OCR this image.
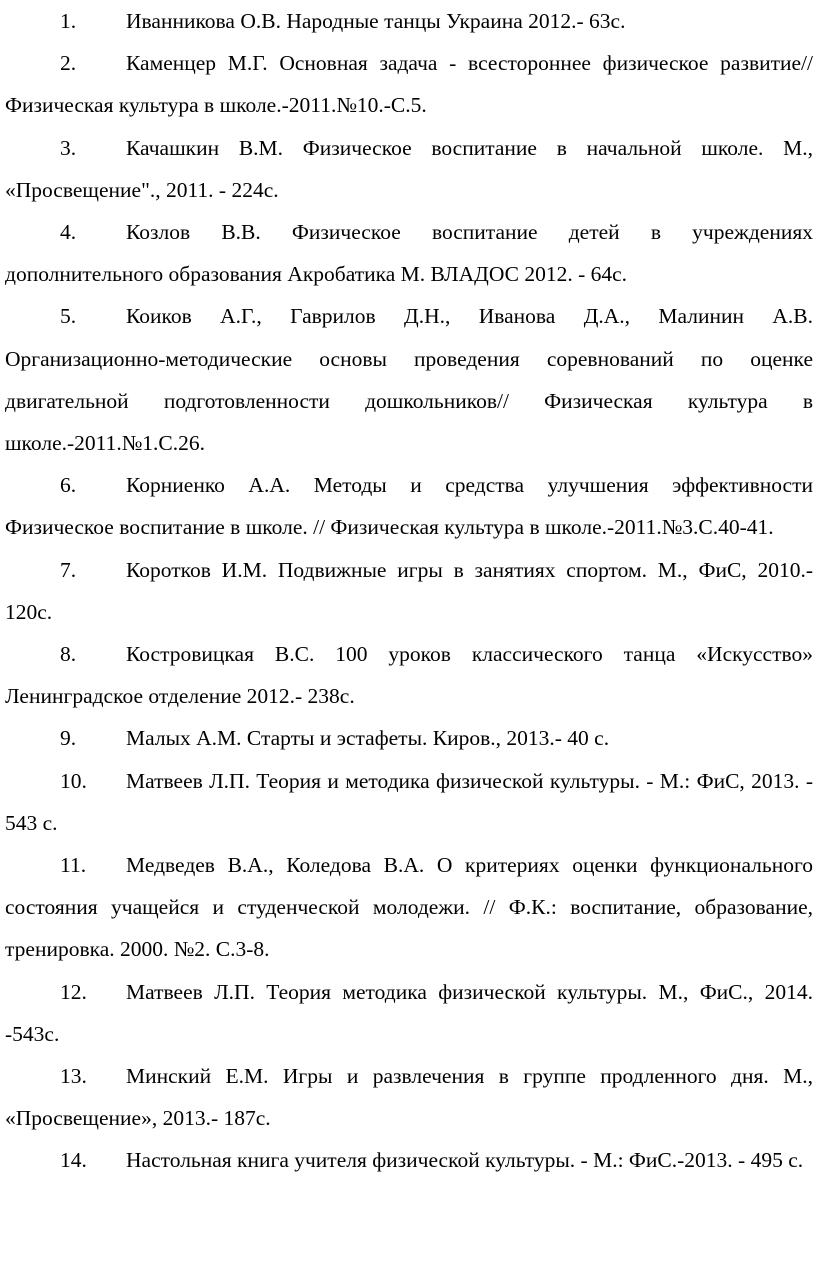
1. Иванникова О.В. Народные танцы Украина 2012.- 63с.

2. Каменцер М.Г. Основная задача - всестороннее физическое развитие// Физическая культура в школе.-2011.№10.-С.5.

3. Качашкин В.М. Физическое воспитание в начальной школе. М., «Просвещение"., 2011. - 224с.

4. Козлов В.В. Физическое воспитание детей в учреждениях дополнительного образования Акробатика М. ВЛАДОС 2012. - 64с.

5. Коиков А.Г., Гаврилов Д.Н., Иванова Д.А., Малинин А.В. Организационно-методические основы проведения соревнований по оценке двигательной подготовленности дошкольников// Физическая культура в школе.-2011.№1.С.26.

6. Корниенко А.А. Методы и средства улучшения эффективности Физическое воспитание в школе. // Физическая культура в школе.-2011.№3.С.40-41.

7. Коротков И.М. Подвижные игры в занятиях спортом. М., ФиС, 2010.- 120с.

8. Костровицкая В.С. 100 уроков классического танца «Искусство» Ленинградское отделение 2012.- 238с.

9. Малых А.М. Старты и эстафеты. Киров., 2013.- 40 с.

10. Матвеев Л.П. Теория и методика физической культуры. - М.: ФиС, 2013. - 543 с.

11. Медведев В.А., Коледова В.А. О критериях оценки функционального состояния учащейся и студенческой молодежи. // Ф.К.: воспитание, образование, тренировка. 2000. №2. С.3-8.

12. Матвеев Л.П. Теория методика физической культуры. М., ФиС., 2014. -543с.

13. Минский Е.М. Игры и развлечения в группе продленного дня. М., «Просвещение», 2013.- 187с.

14. Настольная книга учителя физической культуры. - М.: ФиС.-2013. - 495 с.
